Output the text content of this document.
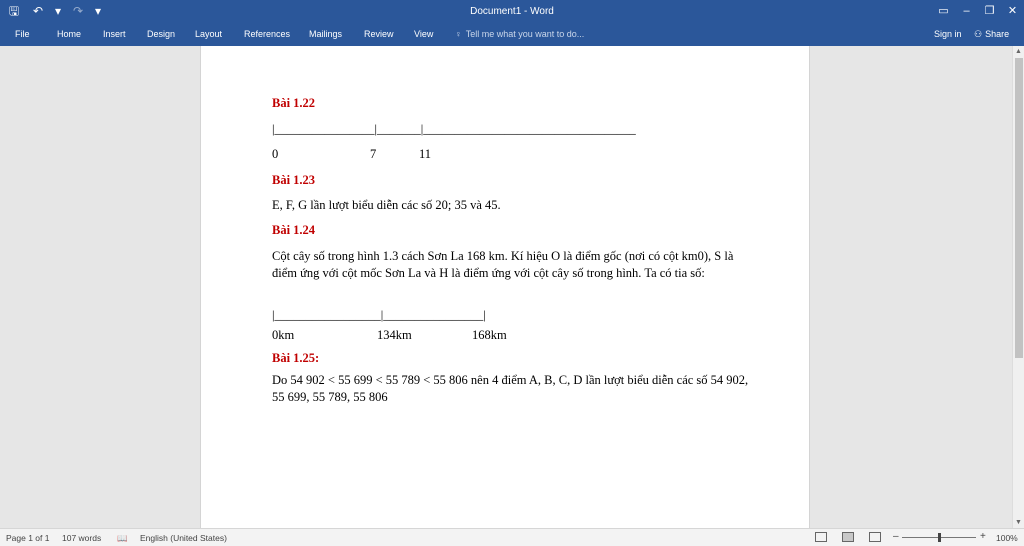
🖫 ↶ ▾ ↷ ▾	Document1 - Word	▭	–	❐	✕
File	Home Insert Design Layout References Mailings Review View ♀ Tell me what you want to do...	Sign in ⚇ Share
Bài 1.22
|________________|_______|__________________________________
0	7	11
Bài 1.23
E, F, G lần lượt biểu diễn các số 20; 35 và 45.
Bài 1.24
Cột cây số trong hình 1.3 cách Sơn La 168 km. Kí hiệu O là điểm gốc (nơi có cột km0), S là điểm ứng với cột mốc Sơn La và H là điểm ứng với cột cây số trong hình. Ta có tia số:
|_________________|________________|
0km	134km	168km
Bài 1.25:
Do 54 902 < 55 699 < 55 789 < 55 806 nên 4 điểm A, B, C, D lần lượt biểu diễn các số 54 902, 55 699, 55 789, 55 806
▲
▼
Page 1 of 1 107 words 📖 English (United States)	–	+ 100%
